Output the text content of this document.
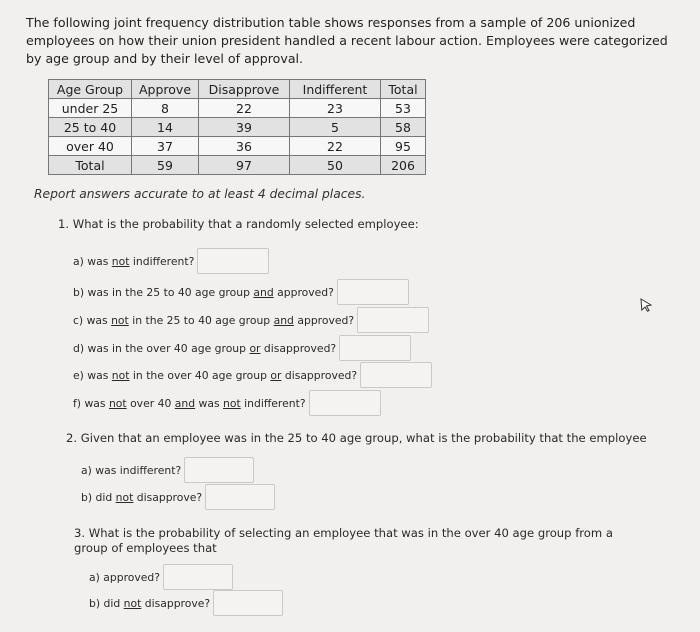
The following joint frequency distribution table shows responses from a sample of 206 unionized employees on how their union president handled a recent labour action. Employees were categorized by age group and by their level of approval.
Age Group	Approve	Disapprove	Indifferent	Total
under 25	8	22	23	53
25 to 40	14	39	5	58
over 40	37	36	22	95
Total	59	97	50	206
Report answers accurate to at least 4 decimal places.
1. What is the probability that a randomly selected employee:
a) was not indifferent?
b) was in the 25 to 40 age group and approved?
c) was not in the 25 to 40 age group and approved?
d) was in the over 40 age group or disapproved?
e) was not in the over 40 age group or disapproved?
f) was not over 40 and was not indifferent?
2. Given that an employee was in the 25 to 40 age group, what is the probability that the employee
a) was indifferent?
b) did not disapprove?
3. What is the probability of selecting an employee that was in the over 40 age group from a group of employees that
a) approved?
b) did not disapprove?
